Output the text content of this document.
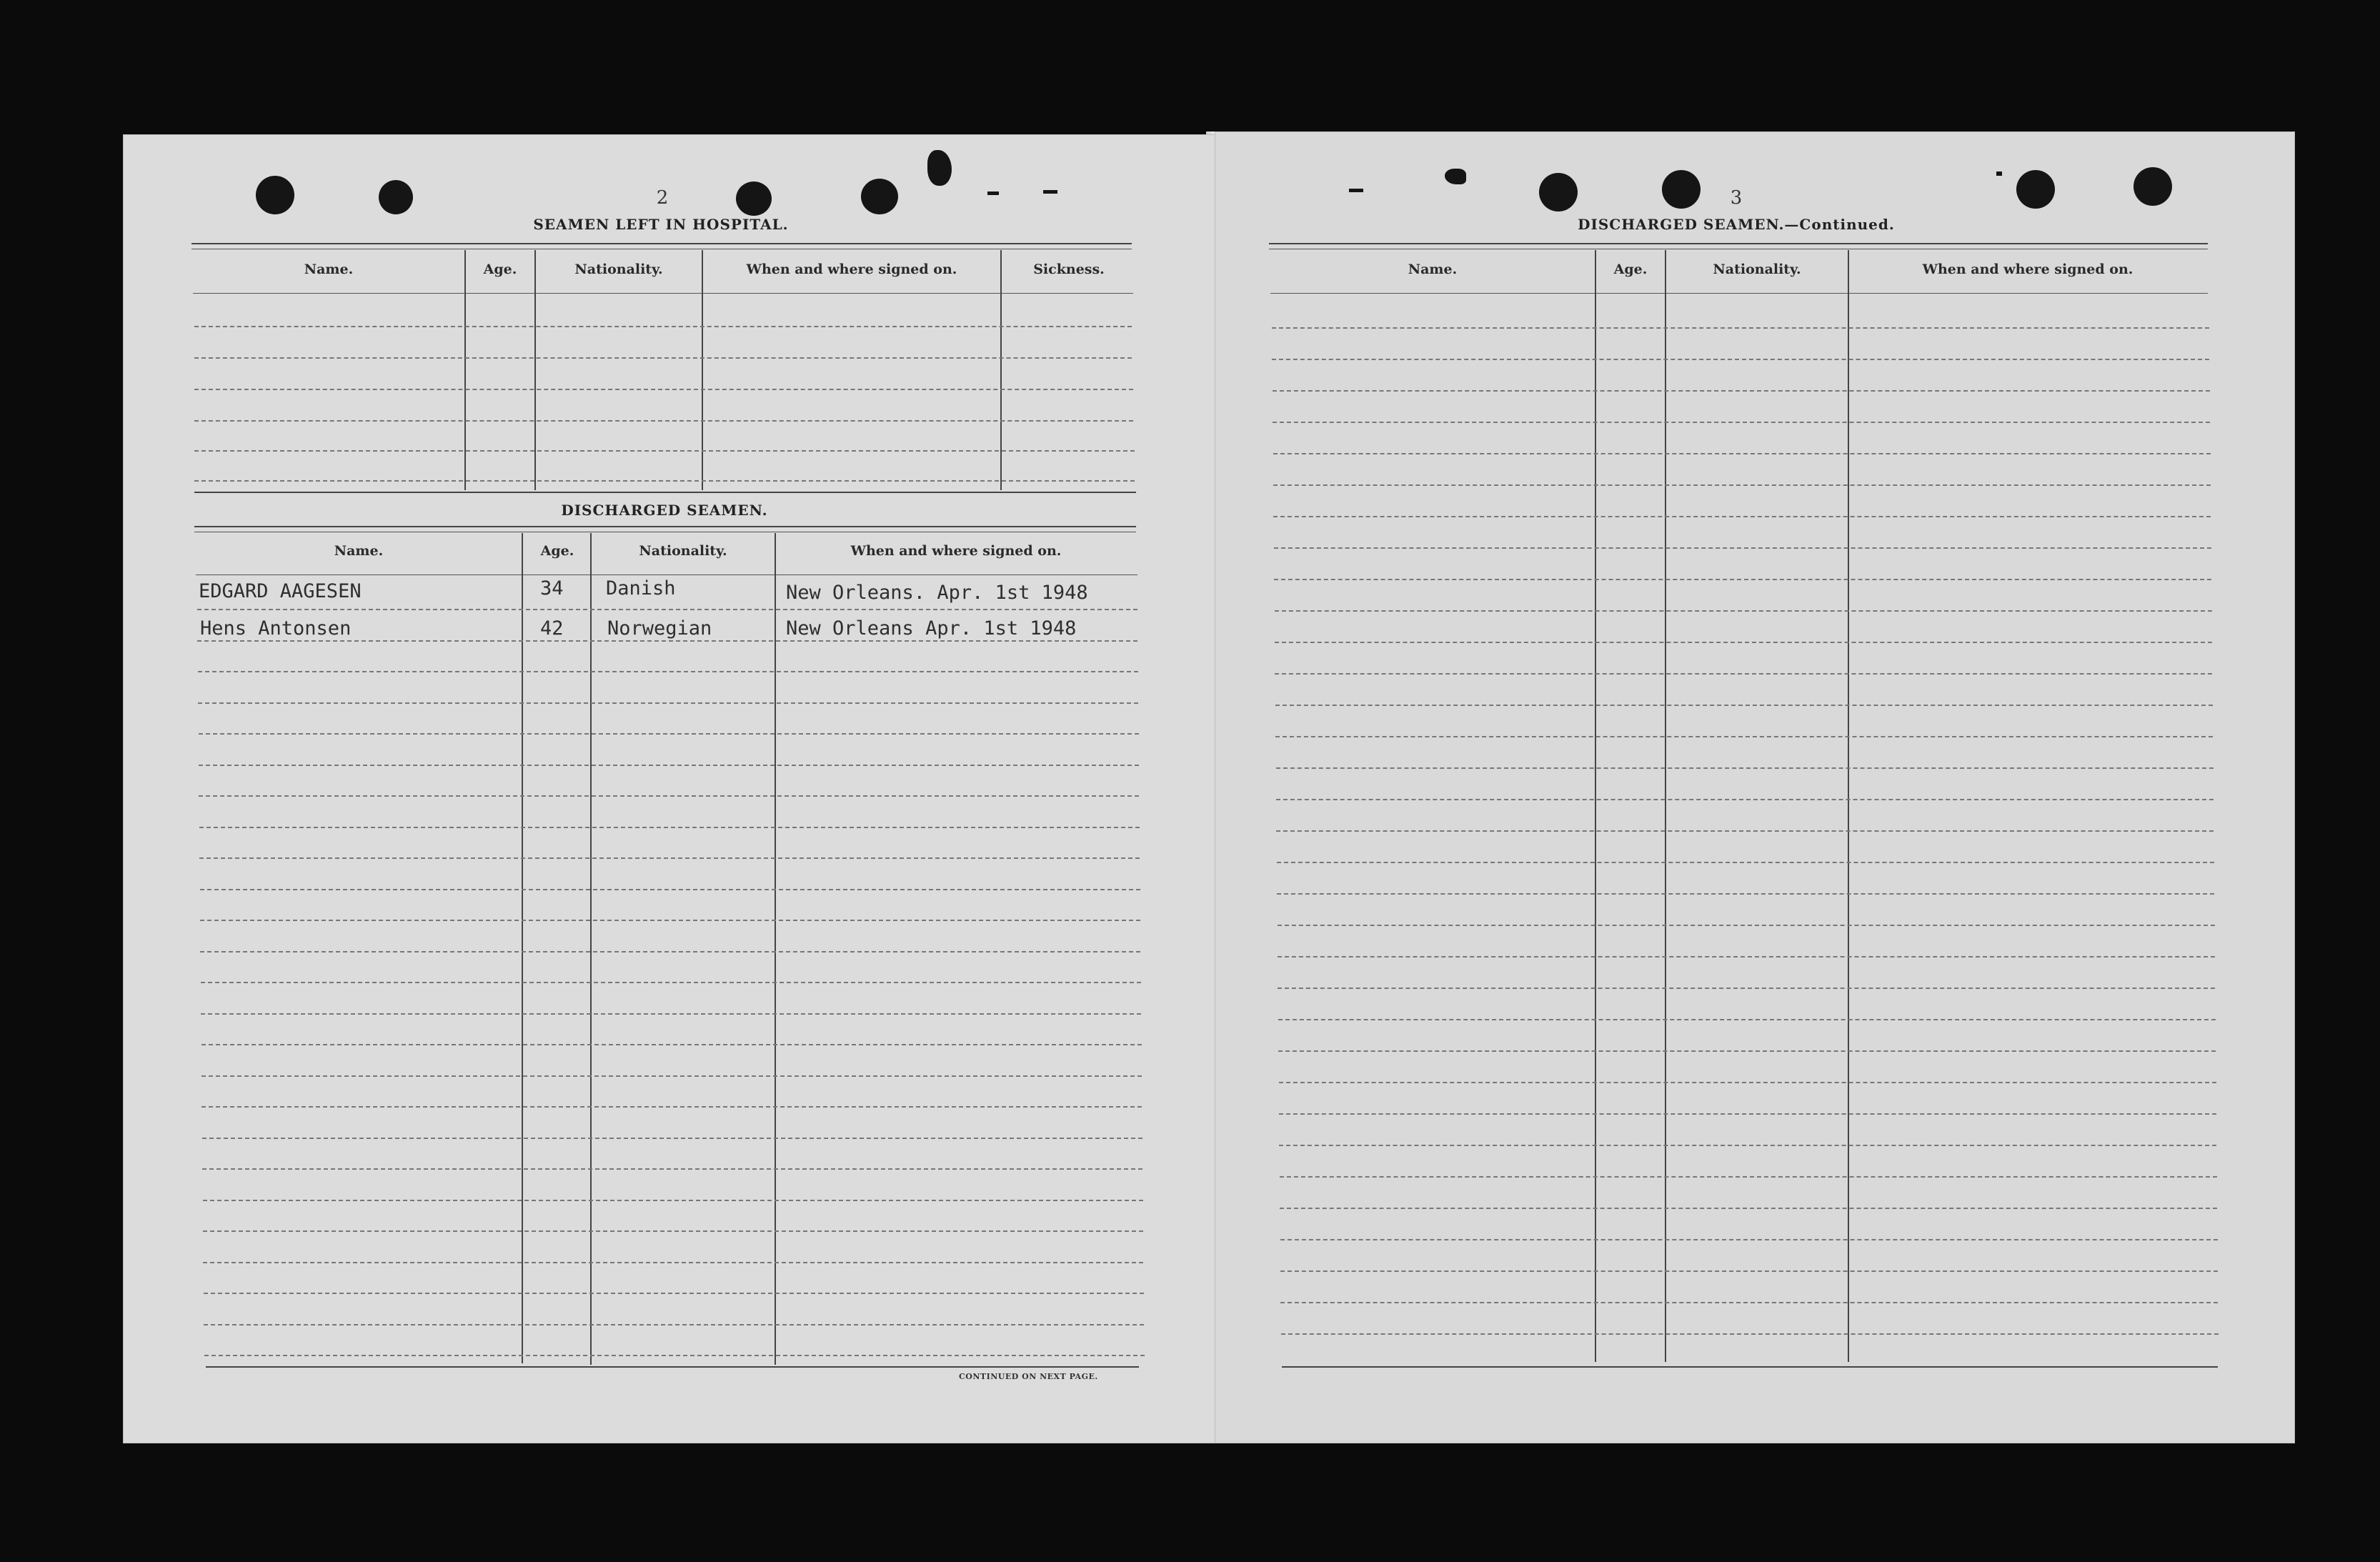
2
SEAMEN LEFT IN HOSPITAL.
Name.	Age.	Nationality.	When and where signed on.	Sickness.
DISCHARGED SEAMEN.
Name.	Age.	Nationality.	When and where signed on.
EDGARD AAGESEN	34 Danish	New Orleans. Apr. 1st 1948
Hens Antonsen	42 Norwegian	New Orleans Apr. 1st 1948
CONTINUED ON NEXT PAGE.
3
DISCHARGED SEAMEN.—Continued.
Name.	Age.	Nationality.	When and where signed on.
